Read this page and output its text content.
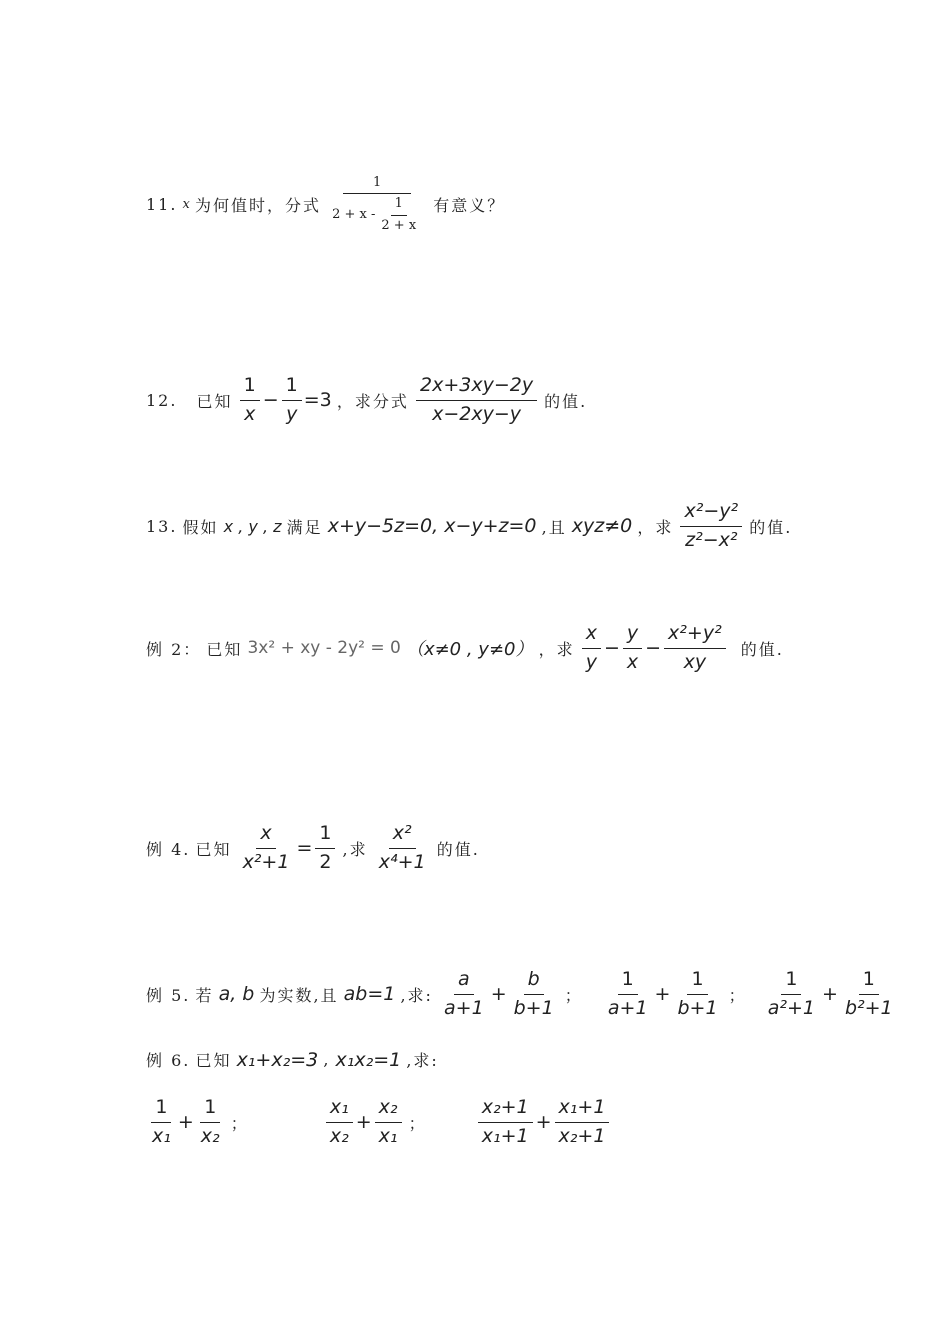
11. x 为何值时，分式 $\frac{1}{2 + x - \frac{1}{2 + x}}$ 有意义？
12. 已知 $\frac{1}{x} - \frac{1}{y} =3$ ，求分式 $\frac{2x+3xy-2y}{x-2xy-y}$ 的值.
13. 假如 x , y , z 满足 x+y−5z=0, x−y+z=0 ,且 xyz≠0 ，求 $\frac{\text{x²−y²}}{\text{z²−x²}}$ 的值.
例 2： 已知 3x² + xy - 2y² = 0 （x≠0 , y≠0） ，求 $\frac{x}{y} - \frac{y}{x} - \frac{\text{x²+y²}}{xy}$ 的值.
例 4. 已知 $\frac{x}{\text{x²+1}} = \frac{1}{2}$ ,求 $\frac{\text{x²}}{\text{x⁴+1}}$ 的值.
例 5. 若 a, b 为实数,且 ab=1 ,求: $\frac{a}{a+1} + \frac{b}{b+1}$ ； $\frac{1}{a+1} + \frac{1}{b+1}$ ； $\frac{1}{\text{a²+1}} + \frac{1}{\text{b²+1}}$
例 6. 已知 x₁+x₂=3 , x₁x₂=1 ,求:
$\frac{1}{\text{x₁}} + \frac{1}{\text{x₂}}$ ；	$\frac{\text{x₁}}{\text{x₂}} + \frac{\text{x₂}}{\text{x₁}}$ ；	$\frac{\text{x₂+1}}{\text{x₁+1}} + \frac{\text{x₁+1}}{\text{x₂+1}}$
